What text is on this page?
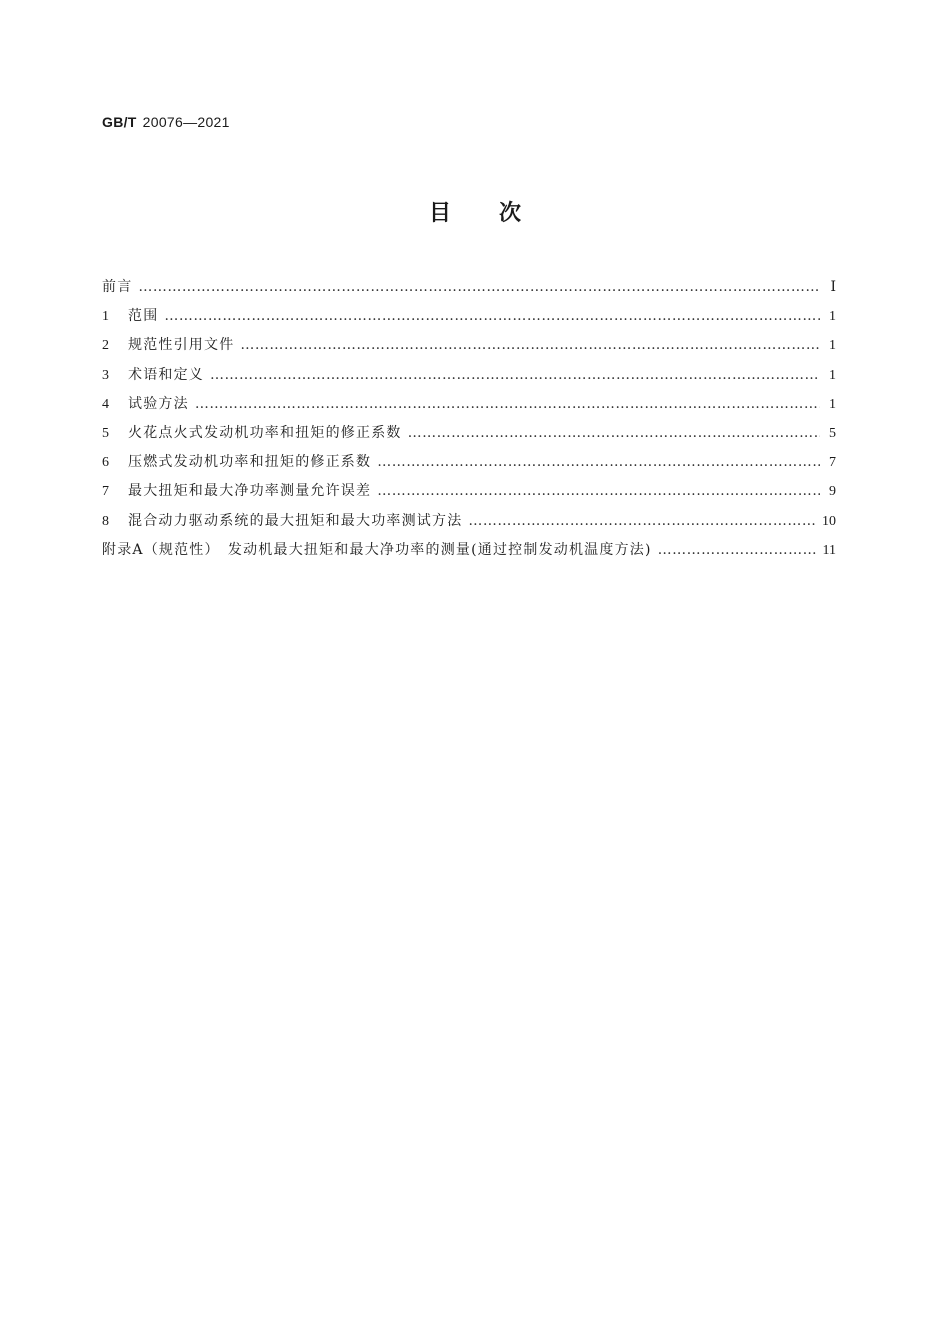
GB/T 20076—2021
目次
前言 ……………………………………………………………………………………………………………………………………………………………………………………………………………………	Ⅰ
1	范围 ……………………………………………………………………………………………………………………………………………………………………………………………………………………	1
2	规范性引用文件 ……………………………………………………………………………………………………………………………………………………………………………………………………………………	1
3	术语和定义 ……………………………………………………………………………………………………………………………………………………………………………………………………………………	1
4	试验方法 ……………………………………………………………………………………………………………………………………………………………………………………………………………………	1
5	火花点火式发动机功率和扭矩的修正系数 ……………………………………………………………………………………………………………………………………………………………………………………………………………………	5
6	压燃式发动机功率和扭矩的修正系数 ……………………………………………………………………………………………………………………………………………………………………………………………………………………	7
7	最大扭矩和最大净功率测量允许误差 ……………………………………………………………………………………………………………………………………………………………………………………………………………………	9
8	混合动力驱动系统的最大扭矩和最大功率测试方法 ……………………………………………………………………………………………………………………………………………………………………………………………………………………	10
附录A（规范性）　发动机最大扭矩和最大净功率的测量(通过控制发动机温度方法) ……………………………………………………………………………………………………………………………………………………………………………………………………………………	11
